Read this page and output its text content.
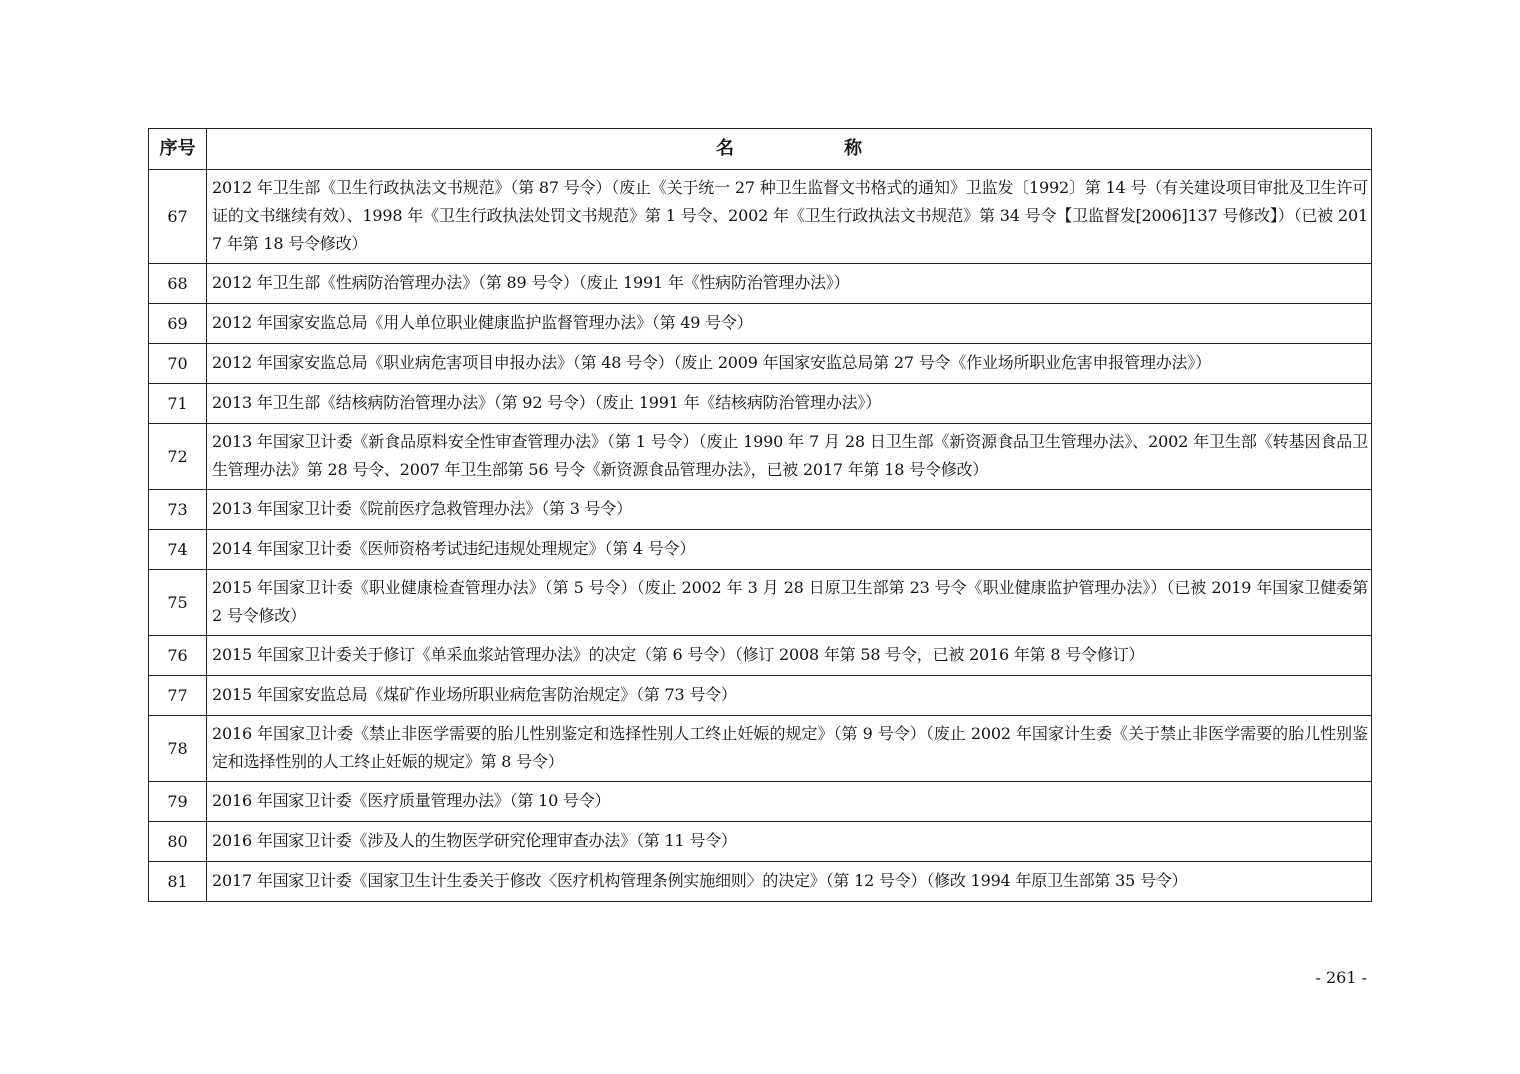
序号	名称
67	2012 年卫生部《卫生行政执法文书规范》（第 87 号令）（废止《关于统一 27 种卫生监督文书格式的通知》卫监发〔1992〕第 14 号（有关建设项目审批及卫生许可证的文书继续有效）、1998 年《卫生行政执法处罚文书规范》第 1 号令、2002 年《卫生行政执法文书规范》第 34 号令【卫监督发[2006]137 号修改】）（已被 2017 年第 18 号令修改）
68	2012 年卫生部《性病防治管理办法》（第 89 号令）（废止 1991 年《性病防治管理办法》）
69	2012 年国家安监总局《用人单位职业健康监护监督管理办法》（第 49 号令）
70	2012 年国家安监总局《职业病危害项目申报办法》（第 48 号令）（废止 2009 年国家安监总局第 27 号令《作业场所职业危害申报管理办法》）
71	2013 年卫生部《结核病防治管理办法》（第 92 号令）（废止 1991 年《结核病防治管理办法》）
72	2013 年国家卫计委《新食品原料安全性审查管理办法》（第 1 号令）（废止 1990 年 7 月 28 日卫生部《新资源食品卫生管理办法》、2002 年卫生部《转基因食品卫生管理办法》第 28 号令、2007 年卫生部第 56 号令《新资源食品管理办法》，已被 2017 年第 18 号令修改）
73	2013 年国家卫计委《院前医疗急救管理办法》（第 3 号令）
74	2014 年国家卫计委《医师资格考试违纪违规处理规定》（第 4 号令）
75	2015 年国家卫计委《职业健康检查管理办法》（第 5 号令）（废止 2002 年 3 月 28 日原卫生部第 23 号令《职业健康监护管理办法》）（已被 2019 年国家卫健委第 2 号令修改）
76	2015 年国家卫计委关于修订《单采血浆站管理办法》的决定（第 6 号令）（修订 2008 年第 58 号令，已被 2016 年第 8 号令修订）
77	2015 年国家安监总局《煤矿作业场所职业病危害防治规定》（第 73 号令）
78	2016 年国家卫计委《禁止非医学需要的胎儿性别鉴定和选择性别人工终止妊娠的规定》（第 9 号令）（废止 2002 年国家计生委《关于禁止非医学需要的胎儿性别鉴定和选择性别的人工终止妊娠的规定》第 8 号令）
79	2016 年国家卫计委《医疗质量管理办法》（第 10 号令）
80	2016 年国家卫计委《涉及人的生物医学研究伦理审查办法》（第 11 号令）
81	2017 年国家卫计委《国家卫生计生委关于修改〈医疗机构管理条例实施细则〉的决定》（第 12 号令）（修改 1994 年原卫生部第 35 号令）
- 261 -
